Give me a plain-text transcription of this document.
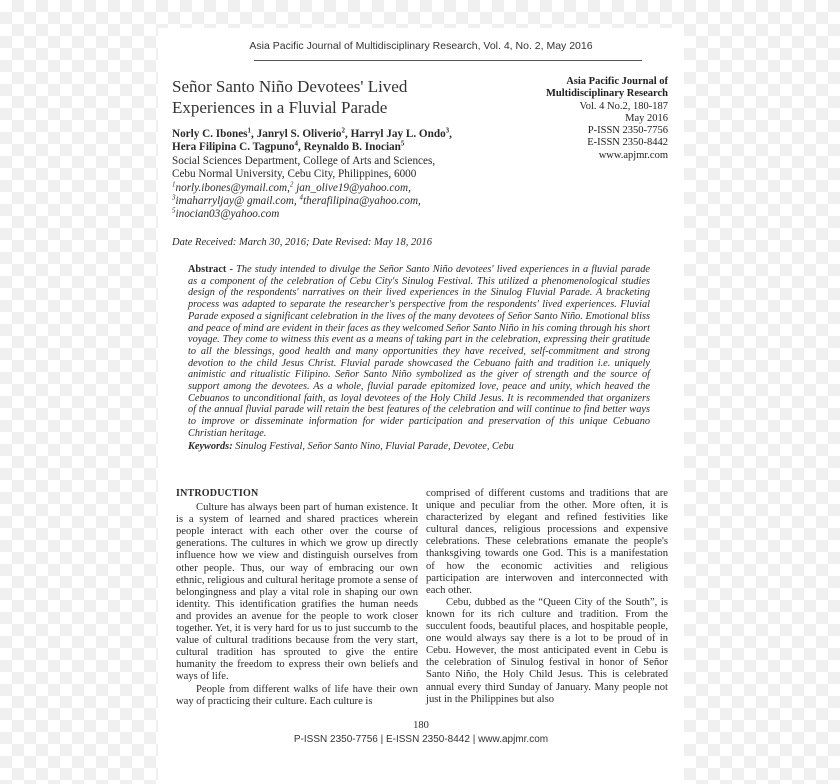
Asia Pacific Journal of Multidisciplinary Research, Vol. 4, No. 2, May 2016
Señor Santo Niño Devotees' Lived Experiences in a Fluvial Parade
Asia Pacific Journal of
Multidisciplinary Research
Vol. 4 No.2, 180-187
May 2016
P-ISSN 2350-7756
E-ISSN 2350-8442
www.apjmr.com
Norly C. Ibones$^1$, Janryl S. Oliverio$^2$, Harryl Jay L. Ondo$^3$,
Hera Filipina C. Tagpuno$^4$, Reynaldo B. Inocian$^5$
Social Sciences Department, College of Arts and Sciences,
Cebu Normal University, Cebu City, Philippines, 6000
$^1$norly.ibones@ymail.com,$^2$ jan_olive19@yahoo.com,
$^3$imaharryljay@ gmail.com, $^4$therafilipina@yahoo.com,
$^5$inocian03@yahoo.com
Date Received: March 30, 2016; Date Revised: May 18, 2016
Abstract - The study intended to divulge the Señor Santo Niño devotees' lived experiences in a fluvial parade as a component of the celebration of Cebu City's Sinulog Festival. This utilized a phenomenological studies design of the respondents' narratives on their lived experiences in the Sinulog Fluvial Parade. A bracketing process was adapted to separate the researcher's perspective from the respondents' lived experiences. Fluvial Parade exposed a significant celebration in the lives of the many devotees of Señor Santo Niño. Emotional bliss and peace of mind are evident in their faces as they welcomed Señor Santo Niño in his coming through his short voyage. They come to witness this event as a means of taking part in the celebration, expressing their gratitude to all the blessings, good health and many opportunities they have received, self-commitment and strong devotion to the child Jesus Christ. Fluvial parade showcased the Cebuano faith and tradition i.e. uniquely animistic and ritualistic Filipino. Señor Santo Niño symbolized as the giver of strength and the source of support among the devotees. As a whole, fluvial parade epitomized love, peace and unity, which heaved the Cebuanos to unconditional faith, as loyal devotees of the Holy Child Jesus. It is recommended that organizers of the annual fluvial parade will retain the best features of the celebration and will continue to find better ways to improve or disseminate information for wider participation and preservation of this unique Cebuano Christian heritage.
Keywords: Sinulog Festival, Señor Santo Nino, Fluvial Parade, Devotee, Cebu
INTRODUCTION

Culture has always been part of human existence. It is a system of learned and shared practices wherein people interact with each other over the course of generations. The cultures in which we grow up directly influence how we view and distinguish ourselves from other people. Thus, our way of embracing our own ethnic, religious and cultural heritage promote a sense of belongingness and play a vital role in shaping our own identity. This identification gratifies the human needs and provides an avenue for the people to work closer together. Yet, it is very hard for us to just succumb to the value of cultural traditions because from the very start, cultural tradition has sprouted to give the entire humanity the freedom to express their own beliefs and ways of life.

People from different walks of life have their own way of practicing their culture. Each culture is

comprised of different customs and traditions that are unique and peculiar from the other. More often, it is characterized by elegant and refined festivities like cultural dances, religious processions and expensive celebrations. These celebrations emanate the people's thanksgiving towards one God. This is a manifestation of how the economic activities and religious participation are interwoven and interconnected with each other.

Cebu, dubbed as the “Queen City of the South”, is known for its rich culture and tradition. From the succulent foods, beautiful places, and hospitable people, one would always say there is a lot to be proud of in Cebu. However, the most anticipated event in Cebu is the celebration of Sinulog festival in honor of Señor Santo Niño, the Holy Child Jesus. This is celebrated annual every third Sunday of January. Many people not just in the Philippines but also

180
P-ISSN 2350-7756 | E-ISSN 2350-8442 | www.apjmr.com
